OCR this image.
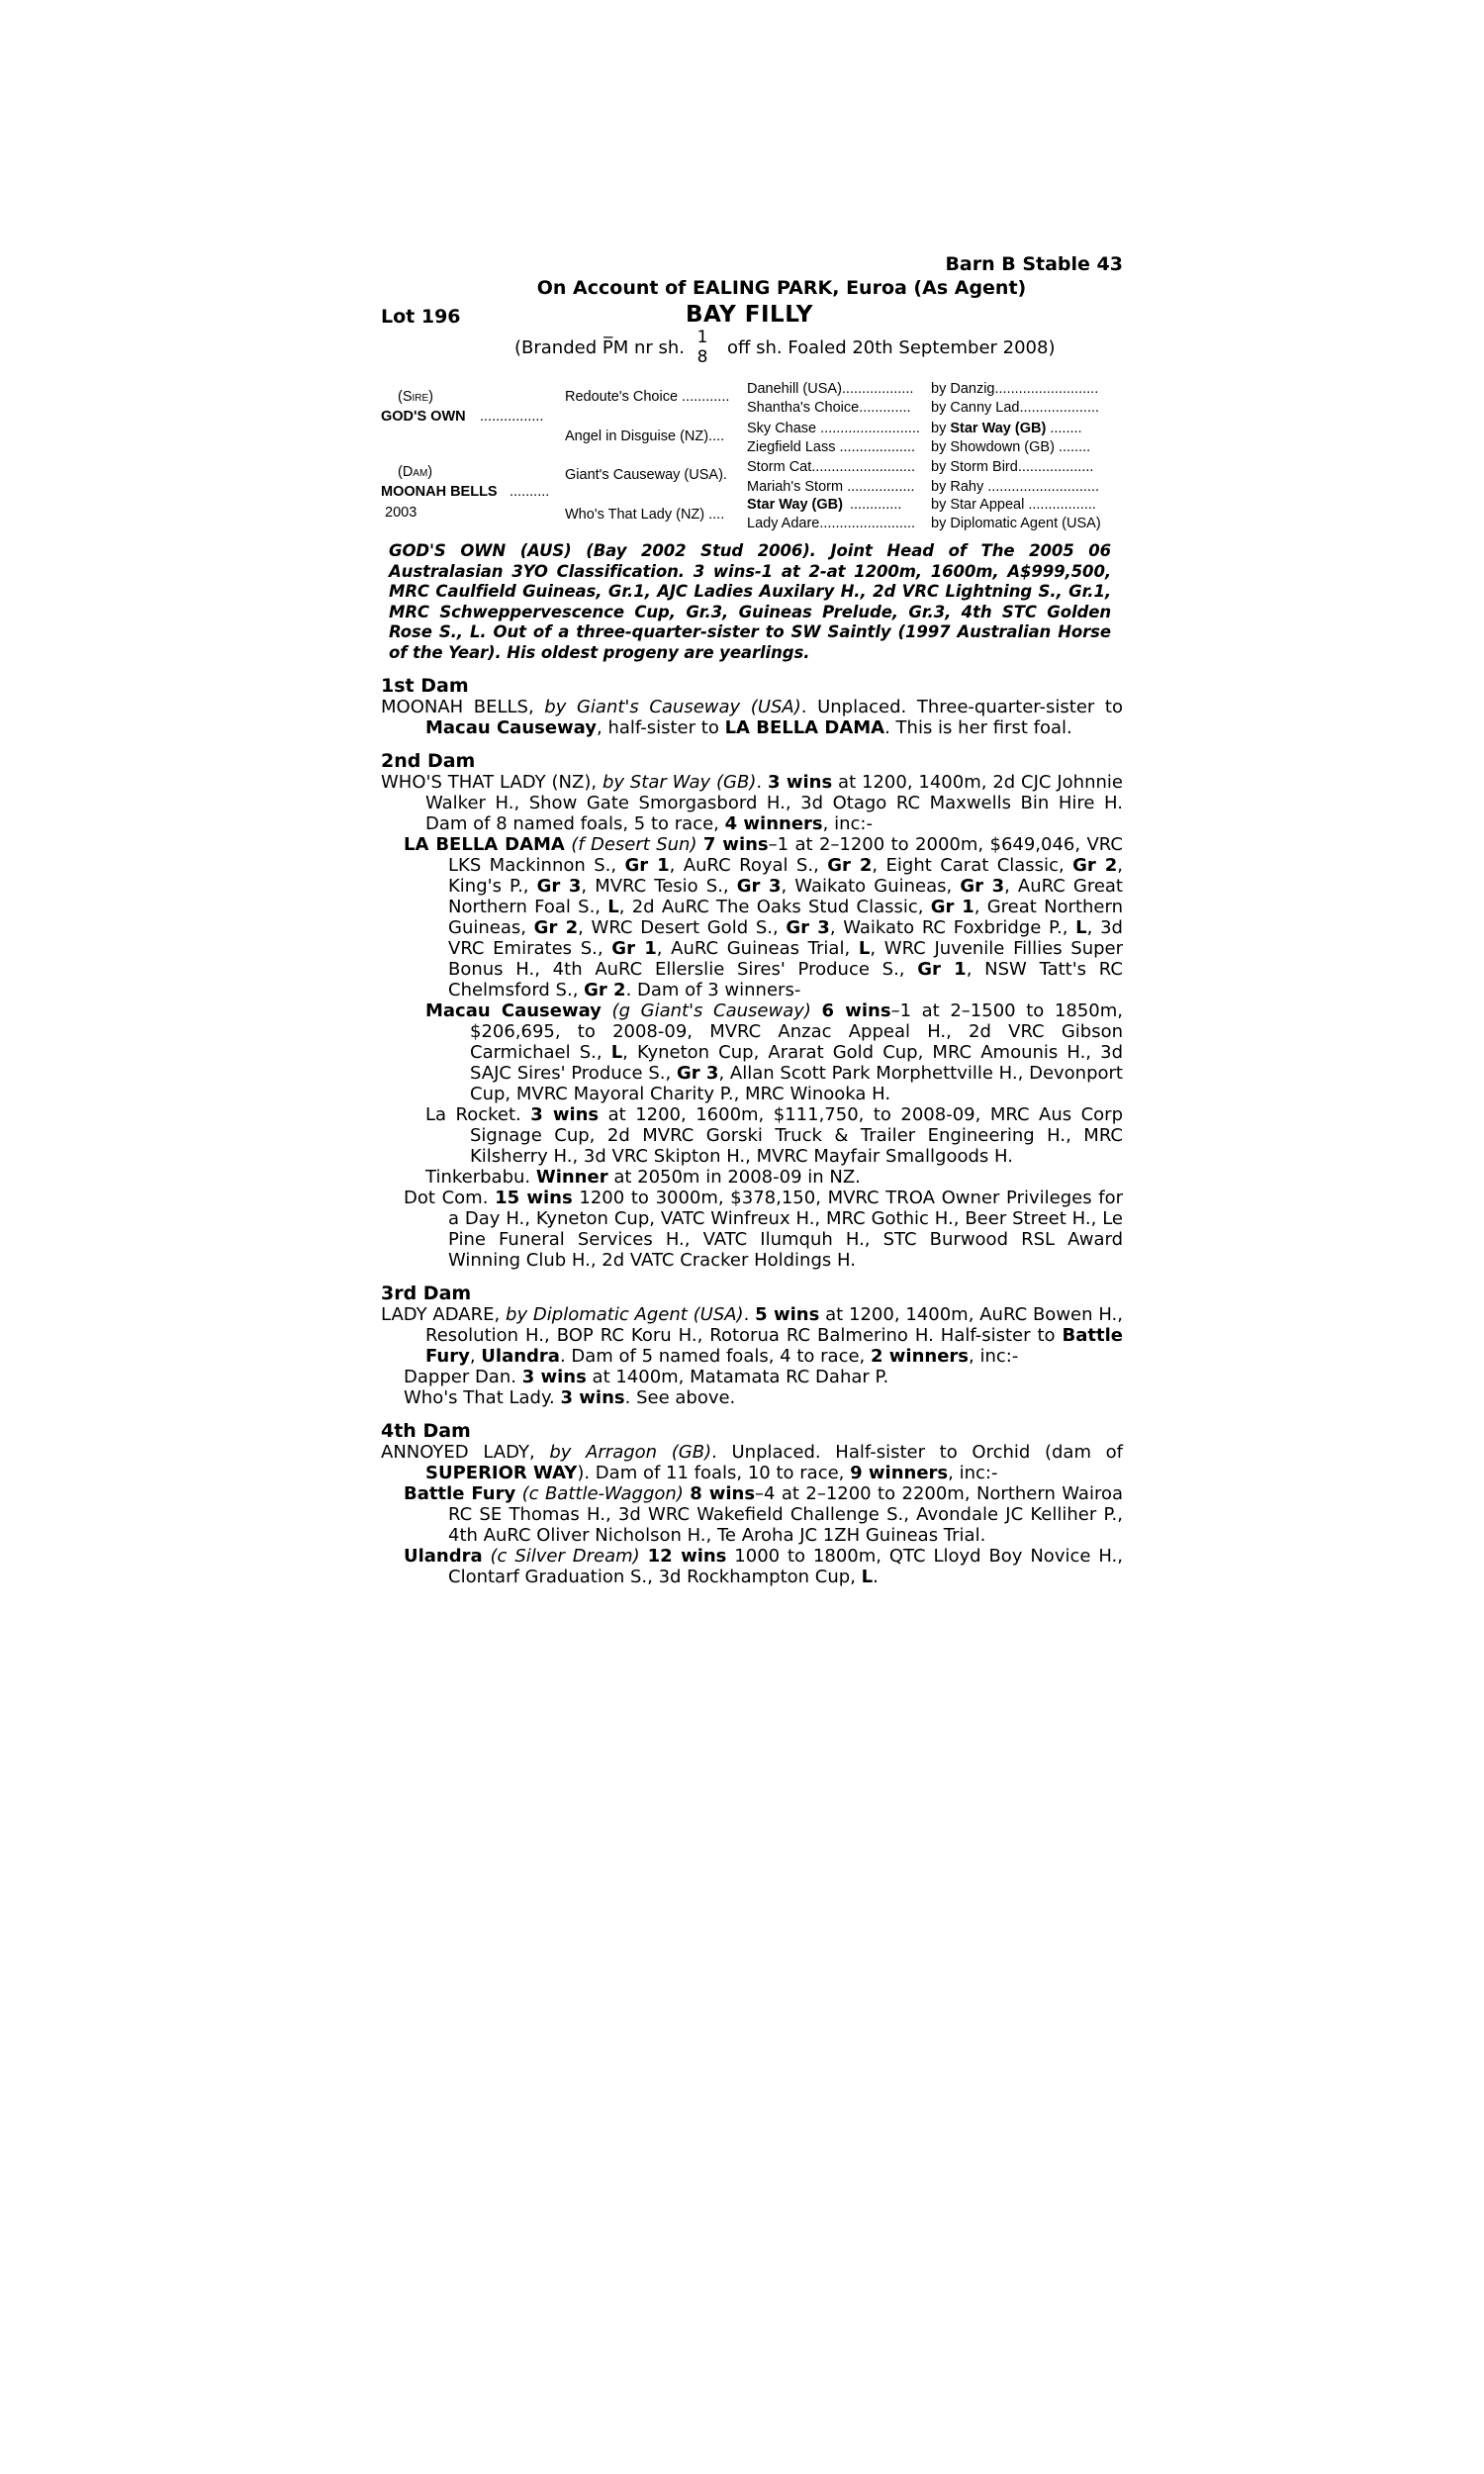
Barn B Stable 43
On Account of EALING PARK, Euroa (As Agent)
Lot 196	BAY FILLY
(Branded P̅M nr sh. 1
8 off sh. Foaled 20th September 2008)
(Sire)
GOD'S OWN ................
(Dam)
MOONAH BELLS ..........
2003
Redoute's Choice ............
Angel in Disguise (NZ)....
Giant's Causeway (USA).
Who's That Lady (NZ) ....
Danehill (USA)..................
Shantha's Choice.............
Sky Chase .........................
Ziegfield Lass ...................
Storm Cat..........................
Mariah's Storm .................
Star Way (GB) .............
Lady Adare........................
by Danzig..........................
by Canny Lad....................
by Star Way (GB) ........
by Showdown (GB) ........
by Storm Bird...................
by Rahy ............................
by Star Appeal .................
by Diplomatic Agent (USA)
GOD'S OWN (AUS) (Bay 2002 Stud 2006). Joint Head of The 2005 06 Australasian 3YO Classification. 3 wins-1 at 2-at 1200m, 1600m, A$999,500, MRC Caulfield Guineas, Gr.1, AJC Ladies Auxilary H., 2d VRC Lightning S., Gr.1, MRC Schweppervescence Cup, Gr.3, Guineas Prelude, Gr.3, 4th STC Golden Rose S., L. Out of a three-quarter-sister to SW Saintly (1997 Australian Horse of the Year). His oldest progeny are yearlings.
1st Dam
MOONAH BELLS, by Giant's Causeway (USA). Unplaced. Three-quarter-sister to Macau Causeway, half-sister to LA BELLA DAMA. This is her first foal.
2nd Dam
WHO'S THAT LADY (NZ), by Star Way (GB). 3 wins at 1200, 1400m, 2d CJC Johnnie Walker H., Show Gate Smorgasbord H., 3d Otago RC Maxwells Bin Hire H. Dam of 8 named foals, 5 to race, 4 winners, inc:-
LA BELLA DAMA (f Desert Sun) 7 wins–1 at 2–1200 to 2000m, $649,046, VRC LKS Mackinnon S., Gr 1, AuRC Royal S., Gr 2, Eight Carat Classic, Gr 2, King's P., Gr 3, MVRC Tesio S., Gr 3, Waikato Guineas, Gr 3, AuRC Great Northern Foal S., L, 2d AuRC The Oaks Stud Classic, Gr 1, Great Northern Guineas, Gr 2, WRC Desert Gold S., Gr 3, Waikato RC Foxbridge P., L, 3d VRC Emirates S., Gr 1, AuRC Guineas Trial, L, WRC Juvenile Fillies Super Bonus H., 4th AuRC Ellerslie Sires' Produce S., Gr 1, NSW Tatt's RC Chelmsford S., Gr 2. Dam of 3 winners-
Macau Causeway (g Giant's Causeway) 6 wins–1 at 2–1500 to 1850m, $206,695, to 2008-09, MVRC Anzac Appeal H., 2d VRC Gibson Carmichael S., L, Kyneton Cup, Ararat Gold Cup, MRC Amounis H., 3d SAJC Sires' Produce S., Gr 3, Allan Scott Park Morphettville H., Devonport Cup, MVRC Mayoral Charity P., MRC Winooka H.
La Rocket. 3 wins at 1200, 1600m, $111,750, to 2008-09, MRC Aus Corp Signage Cup, 2d MVRC Gorski Truck & Trailer Engineering H., MRC Kilsherry H., 3d VRC Skipton H., MVRC Mayfair Smallgoods H.
Tinkerbabu. Winner at 2050m in 2008-09 in NZ.
Dot Com. 15 wins 1200 to 3000m, $378,150, MVRC TROA Owner Privileges for a Day H., Kyneton Cup, VATC Winfreux H., MRC Gothic H., Beer Street H., Le Pine Funeral Services H., VATC Ilumquh H., STC Burwood RSL Award Winning Club H., 2d VATC Cracker Holdings H.
3rd Dam
LADY ADARE, by Diplomatic Agent (USA). 5 wins at 1200, 1400m, AuRC Bowen H., Resolution H., BOP RC Koru H., Rotorua RC Balmerino H. Half-sister to Battle Fury, Ulandra. Dam of 5 named foals, 4 to race, 2 winners, inc:-
Dapper Dan. 3 wins at 1400m, Matamata RC Dahar P.
Who's That Lady. 3 wins. See above.
4th Dam
ANNOYED LADY, by Arragon (GB). Unplaced. Half-sister to Orchid (dam of SUPERIOR WAY). Dam of 11 foals, 10 to race, 9 winners, inc:-
Battle Fury (c Battle-Waggon) 8 wins–4 at 2–1200 to 2200m, Northern Wairoa RC SE Thomas H., 3d WRC Wakefield Challenge S., Avondale JC Kelliher P., 4th AuRC Oliver Nicholson H., Te Aroha JC 1ZH Guineas Trial.
Ulandra (c Silver Dream) 12 wins 1000 to 1800m, QTC Lloyd Boy Novice H., Clontarf Graduation S., 3d Rockhampton Cup, L.
